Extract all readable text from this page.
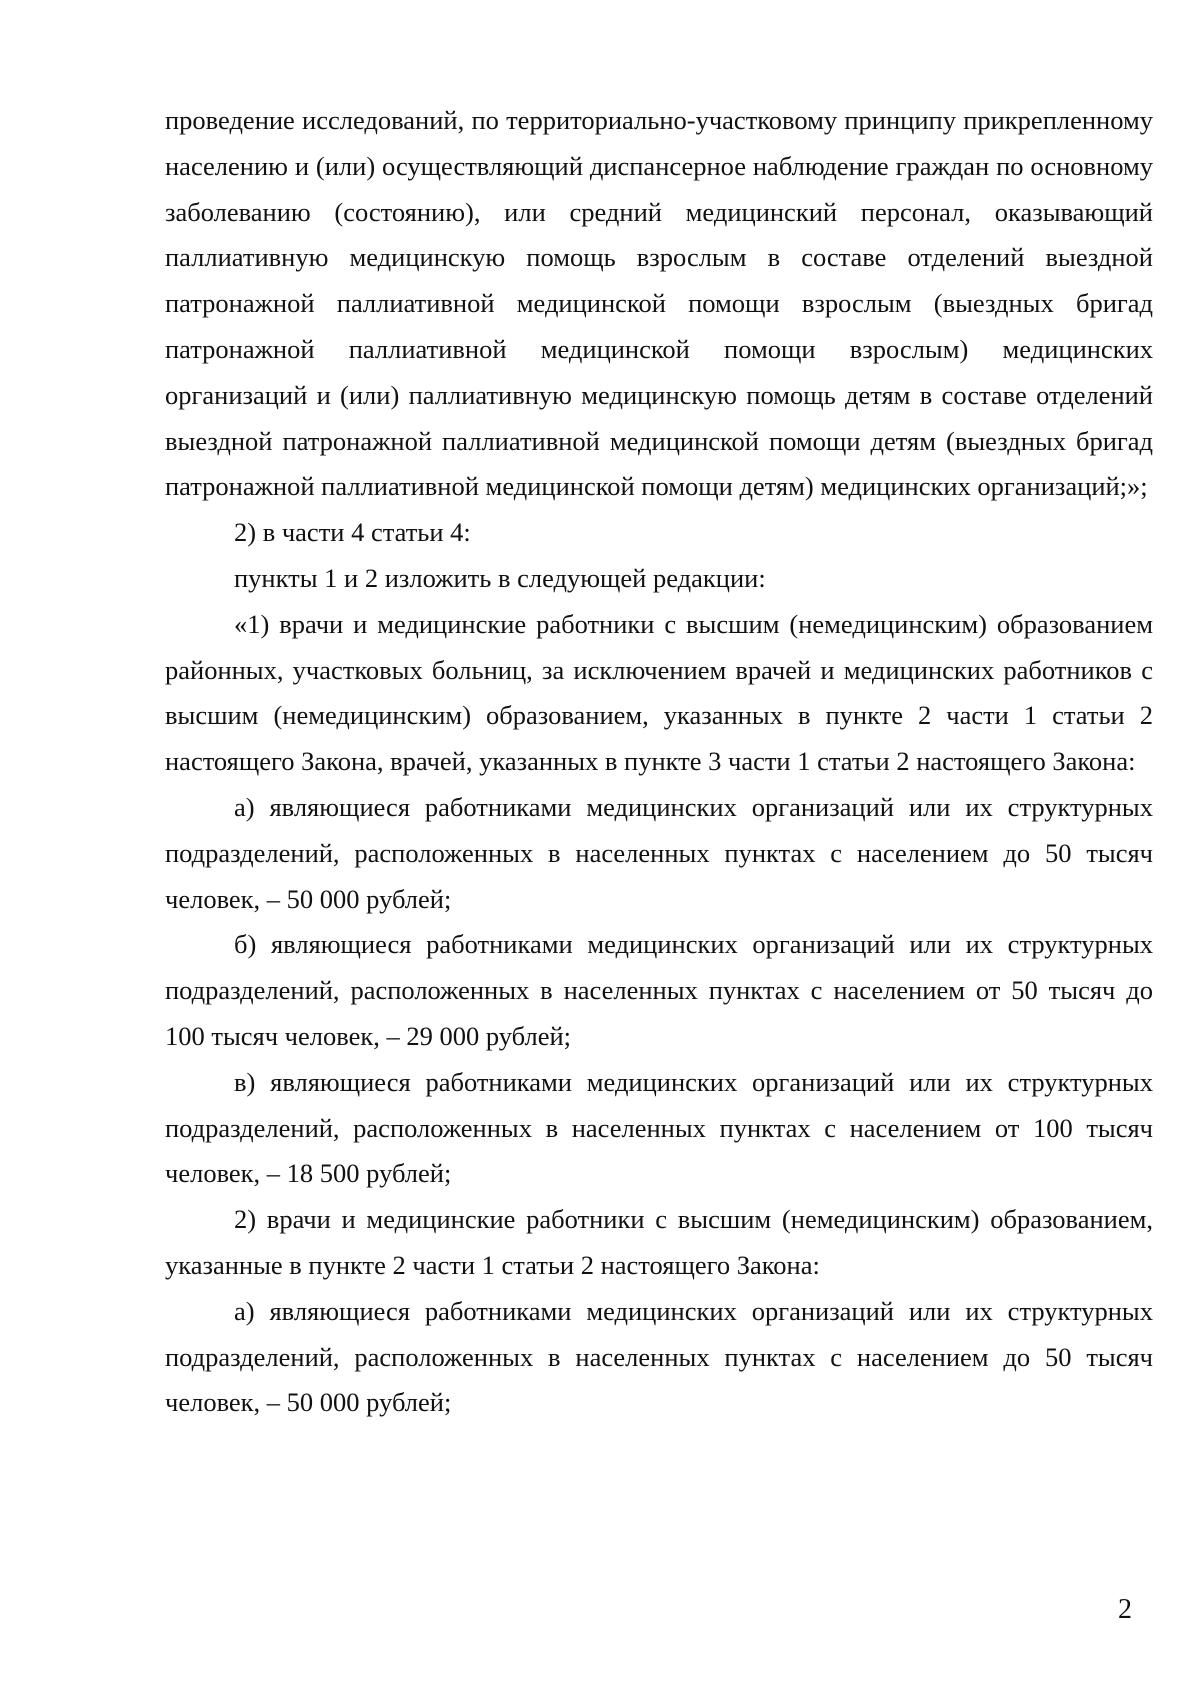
проведение исследований, по территориально-участковому принципу прикрепленному населению и (или) осуществляющий диспансерное наблюдение граждан по основному заболеванию (состоянию), или средний медицинский персонал, оказывающий паллиативную медицинскую помощь взрослым в составе отделений выездной патронажной паллиативной медицинской помощи взрослым (выездных бригад патронажной паллиативной медицинской помощи взрослым) медицинских организаций и (или) паллиативную медицинскую помощь детям в составе отделений выездной патронажной паллиативной медицинской помощи детям (выездных бригад патронажной паллиативной медицинской помощи детям) медицинских организаций;»;

2) в части 4 статьи 4:

пункты 1 и 2 изложить в следующей редакции:

«1) врачи и медицинские работники с высшим (немедицинским) образованием районных, участковых больниц, за исключением врачей и медицинских работников с высшим (немедицинским) образованием, указанных в пункте 2 части 1 статьи 2 настоящего Закона, врачей, указанных в пункте 3 части 1 статьи 2 настоящего Закона:

а) являющиеся работниками медицинских организаций или их структурных подразделений, расположенных в населенных пунктах с населением до 50 тысяч человек, – 50 000 рублей;

б) являющиеся работниками медицинских организаций или их структурных подразделений, расположенных в населенных пунктах с населением от 50 тысяч до 100 тысяч человек, – 29 000 рублей;

в) являющиеся работниками медицинских организаций или их структурных подразделений, расположенных в населенных пунктах с населением от 100 тысяч человек, – 18 500 рублей;

2) врачи и медицинские работники с высшим (немедицинским) образованием, указанные в пункте 2 части 1 статьи 2 настоящего Закона:

а) являющиеся работниками медицинских организаций или их структурных подразделений, расположенных в населенных пунктах с населением до 50 тысяч человек, – 50 000 рублей;

2
